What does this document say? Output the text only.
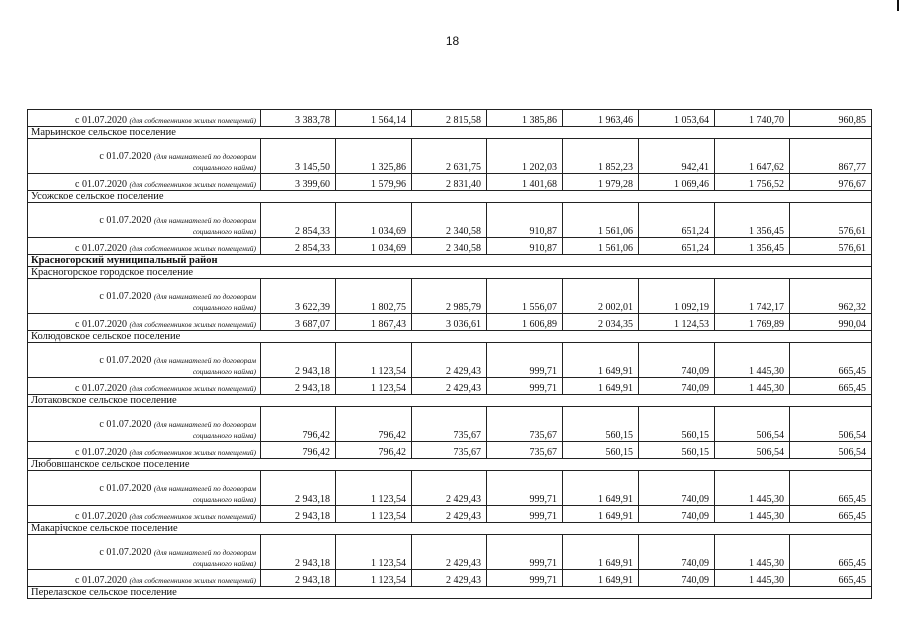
18
с 01.07.2020 (для собственников жилых помещений)	3 383,78	1 564,14	2 815,58	1 385,86	1 963,46	1 053,64	1 740,70	960,85
Марьинское сельское поселение								

с 01.07.2020 (для нанимателей по договорам
социального найма)	3 145,50	1 325,86	2 631,75	1 202,03	1 852,23	942,41	1 647,62	867,77
с 01.07.2020 (для собственников жилых помещений)	3 399,60	1 579,96	2 831,40	1 401,68	1 979,28	1 069,46	1 756,52	976,67
Усожское сельское поселение								

с 01.07.2020 (для нанимателей по договорам
социального найма)	2 854,33	1 034,69	2 340,58	910,87	1 561,06	651,24	1 356,45	576,61
с 01.07.2020 (для собственников жилых помещений)	2 854,33	1 034,69	2 340,58	910,87	1 561,06	651,24	1 356,45	576,61
Красногорский муниципальный район								
Красногорское городское поселение								

с 01.07.2020 (для нанимателей по договорам
социального найма)	3 622,39	1 802,75	2 985,79	1 556,07	2 002,01	1 092,19	1 742,17	962,32
с 01.07.2020 (для собственников жилых помещений)	3 687,07	1 867,43	3 036,61	1 606,89	2 034,35	1 124,53	1 769,89	990,04
Колюдовское сельское поселение								

с 01.07.2020 (для нанимателей по договорам
социального найма)	2 943,18	1 123,54	2 429,43	999,71	1 649,91	740,09	1 445,30	665,45
с 01.07.2020 (для собственников жилых помещений)	2 943,18	1 123,54	2 429,43	999,71	1 649,91	740,09	1 445,30	665,45
Лотаковское сельское поселение								

с 01.07.2020 (для нанимателей по договорам
социального найма)	796,42	796,42	735,67	735,67	560,15	560,15	506,54	506,54
с 01.07.2020 (для собственников жилых помещений)	796,42	796,42	735,67	735,67	560,15	560,15	506,54	506,54
Любовшанское сельское поселение								

с 01.07.2020 (для нанимателей по договорам
социального найма)	2 943,18	1 123,54	2 429,43	999,71	1 649,91	740,09	1 445,30	665,45
с 01.07.2020 (для собственников жилых помещений)	2 943,18	1 123,54	2 429,43	999,71	1 649,91	740,09	1 445,30	665,45
Макарічское сельское поселение								

с 01.07.2020 (для нанимателей по договорам
социального найма)	2 943,18	1 123,54	2 429,43	999,71	1 649,91	740,09	1 445,30	665,45
с 01.07.2020 (для собственников жилых помещений)	2 943,18	1 123,54	2 429,43	999,71	1 649,91	740,09	1 445,30	665,45
Перелазское сельское поселение								
